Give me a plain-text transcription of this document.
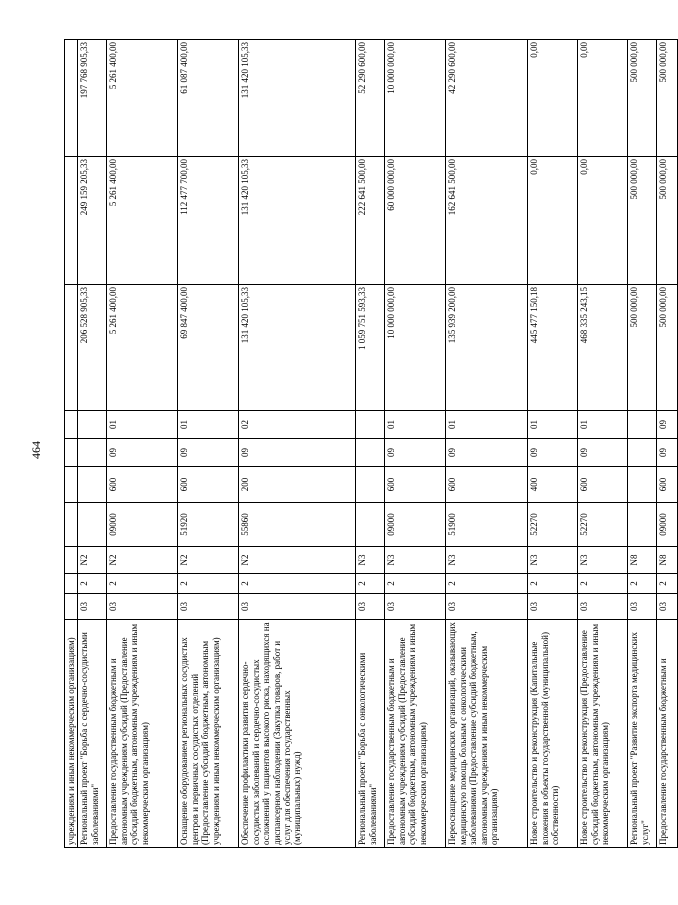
464
учреждениям и иным некоммерческим организациям)										
Региональный проект "Борьба с сердечно-сосудистыми заболеваниями"	03	2	N2					206 528 905,33	249 159 205,33	197 768 905,33
Предоставление государственным бюджетным и автономным учреждениям субсидий (Предоставление субсидий бюджетным, автономным учреждениям и иным некоммерческим организациям)	03	2	N2	09000	600	09	01	5 261 400,00	5 261 400,00	5 261 400,00
Оснащение оборудованием региональных сосудистых центров и первичных сосудистых отделений (Предоставление субсидий бюджетным, автономным учреждениям и иным некоммерческим организациям)	03	2	N2	51920	600	09	01	69 847 400,00	112 477 700,00	61 087 400,00
Обеспечение профилактики развития сердечно-сосудистых заболеваний и сердечно-сосудистых осложнений у пациентов высокого риска, находящихся на диспансерном наблюдении (Закупка товаров, работ и услуг для обеспечения государственных (муниципальных) нужд)	03	2	N2	55860	200	09	02	131 420 105,33	131 420 105,33	131 420 105,33
Региональный проект "Борьба с онкологическими заболеваниями"	03	2	N3					1 059 751 593,33	222 641 500,00	52 290 600,00
Предоставление государственным бюджетным и автономным учреждениям субсидий (Предоставление субсидий бюджетным, автономным учреждениям и иным некоммерческим организациям)	03	2	N3	09000	600	09	01	10 000 000,00	60 000 000,00	10 000 000,00
Переоснащение медицинских организаций, оказывающих медицинскую помощь больным с онкологическими заболеваниями (Предоставление субсидий бюджетным, автономным учреждениям и иным некоммерческим организациям)	03	2	N3	51900	600	09	01	135 939 200,00	162 641 500,00	42 290 600,00
Новое строительство и реконструкция (Капитальные вложения в объекты государственной (муниципальной) собственности)	03	2	N3	52270	400	09	01	445 477 150,18	0,00	0,00
Новое строительство и реконструкция (Предоставление субсидий бюджетным, автономным учреждениям и иным некоммерческим организациям)	03	2	N3	52270	600	09	01	468 335 243,15	0,00	0,00
Региональный проект "Развитие экспорта медицинских услуг"	03	2	N8					500 000,00	500 000,00	500 000,00
Предоставление государственным бюджетным и	03	2	N8	09000	600	09	09	500 000,00	500 000,00	500 000,00
